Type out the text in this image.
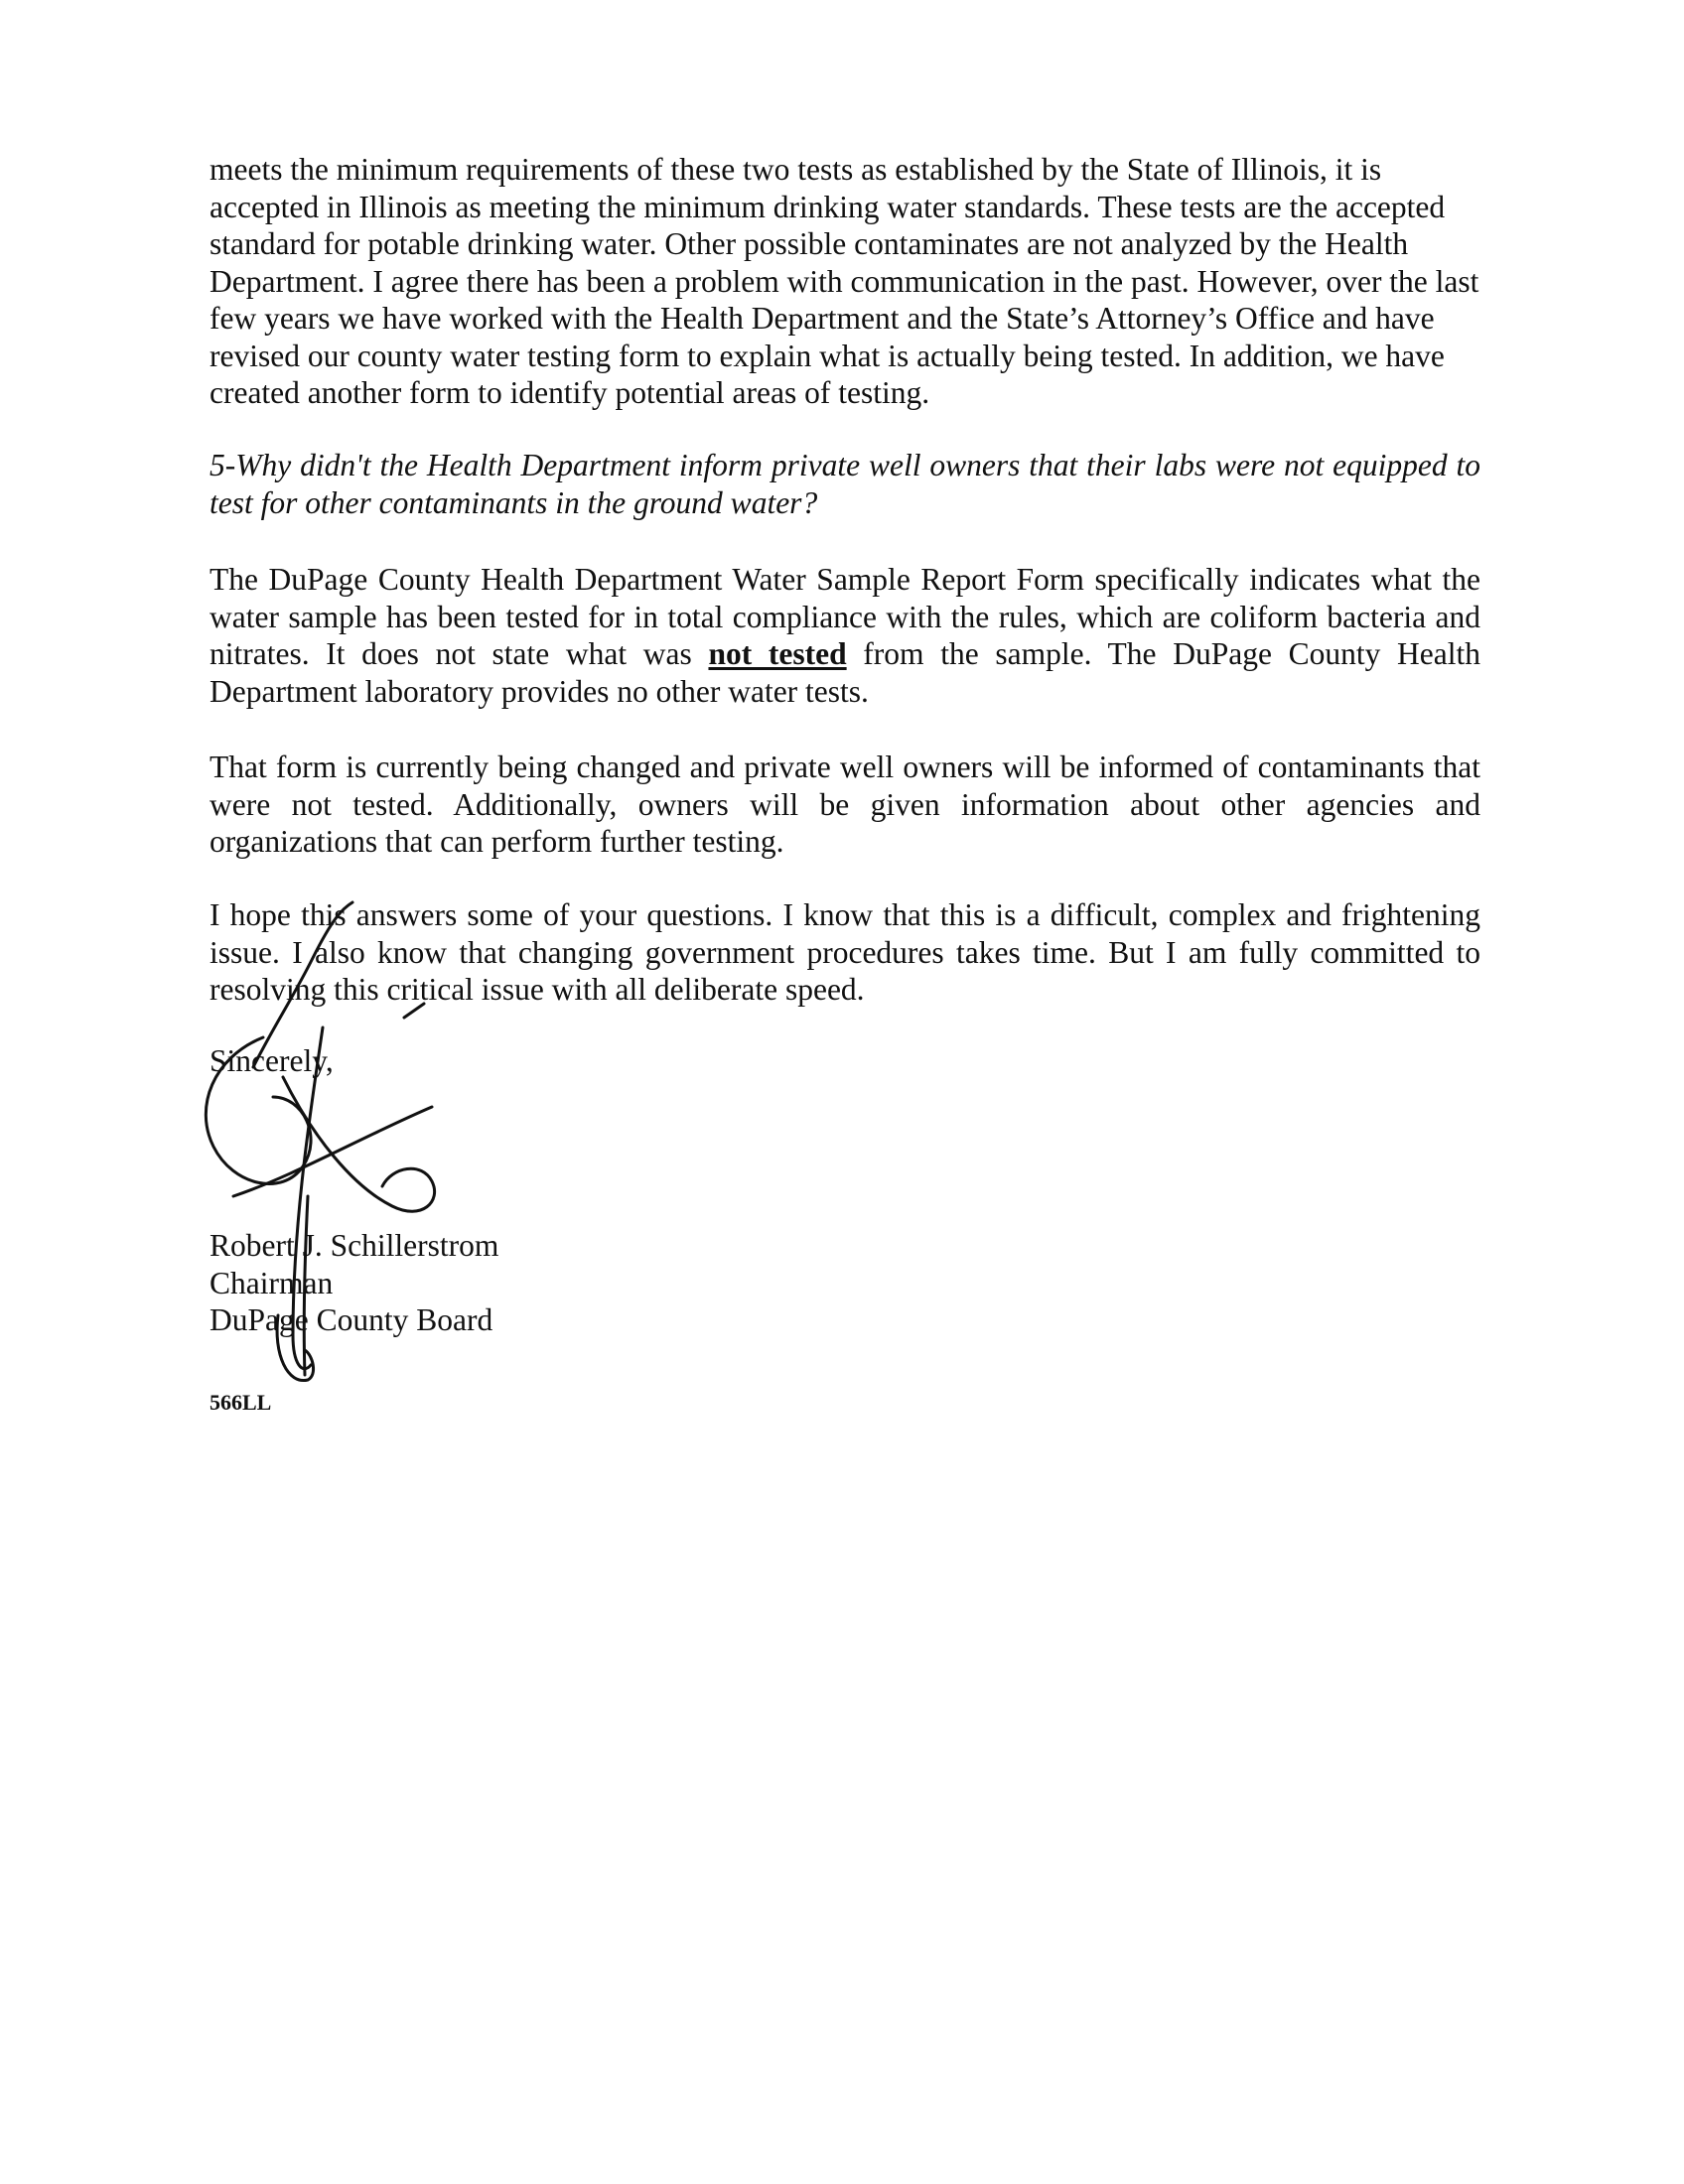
meets the minimum requirements of these two tests as established by the State of Illinois, it is accepted in Illinois as meeting the minimum drinking water standards. These tests are the accepted standard for potable drinking water. Other possible contaminates are not analyzed by the Health Department. I agree there has been a problem with communication in the past. However, over the last few years we have worked with the Health Department and the State’s Attorney’s Office and have revised our county water testing form to explain what is actually being tested. In addition, we have created another form to identify potential areas of testing.

5-Why didn't the Health Department inform private well owners that their labs were not equipped to test for other contaminants in the ground water?

The DuPage County Health Department Water Sample Report Form specifically indicates what the water sample has been tested for in total compliance with the rules, which are coliform bacteria and nitrates. It does not state what was not tested from the sample. The DuPage County Health Department laboratory provides no other water tests.

That form is currently being changed and private well owners will be informed of contaminants that were not tested. Additionally, owners will be given information about other agencies and organizations that can perform further testing.

I hope this answers some of your questions. I know that this is a difficult, complex and frightening issue. I also know that changing government procedures takes time. But I am fully committed to resolving this critical issue with all deliberate speed.

Sincerely,

Robert J. Schillerstrom
Chairman
DuPage County Board

566LL
